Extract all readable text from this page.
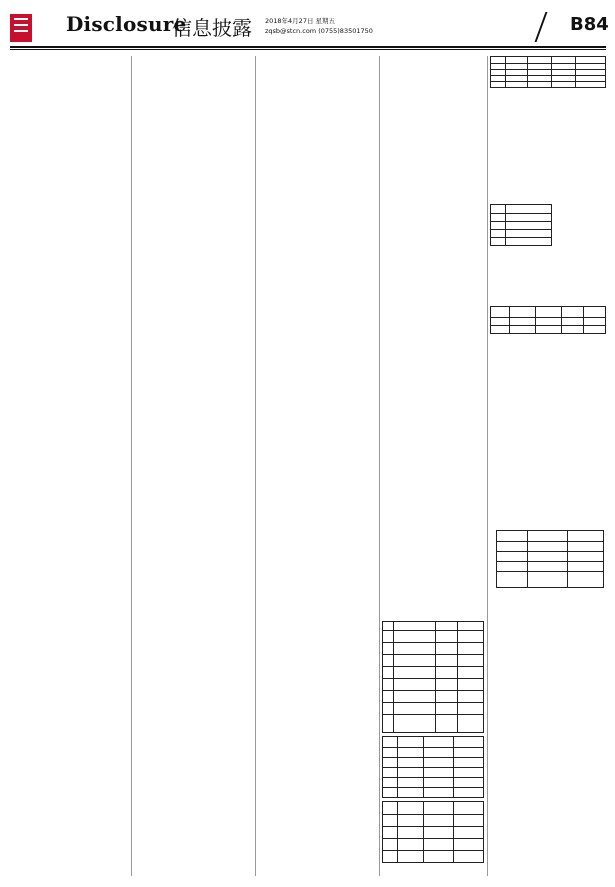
Disclosure
信息披露 2018年4月27日 星期五
zqsb@stcn.com (0755)83501750	B84
